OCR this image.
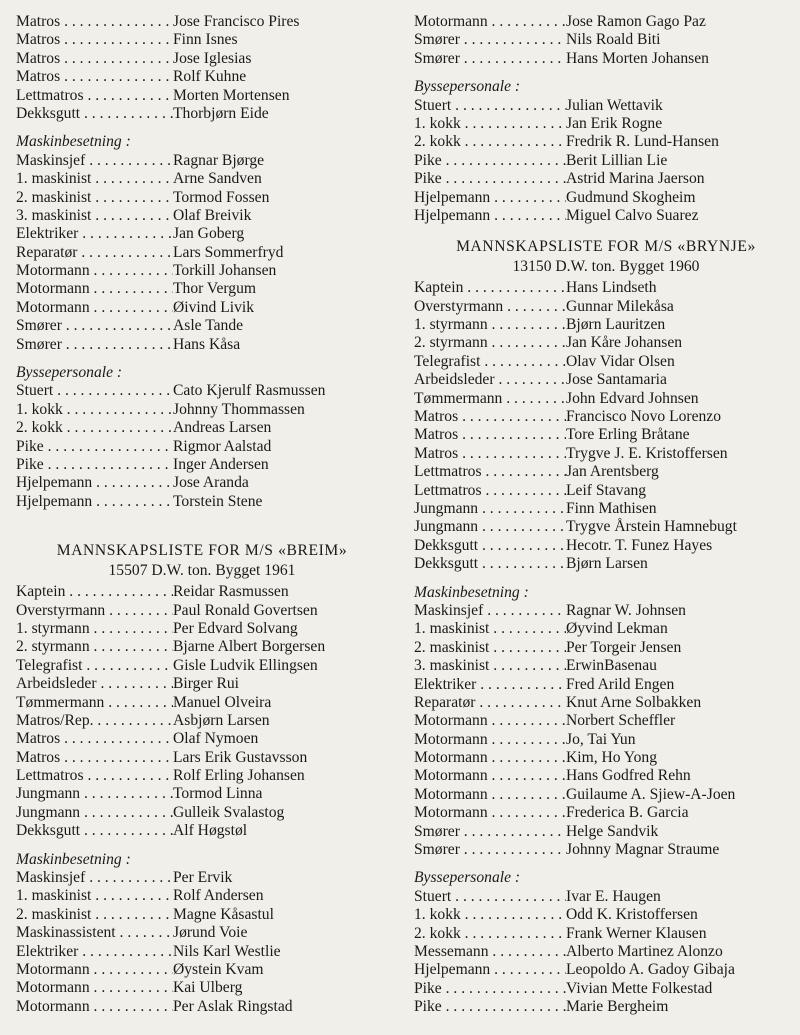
Matros . . .	Jose Francisco Pires
Matros . . .	Finn Isnes
Matros . . .	Jose Iglesias
Matros . . .	Rolf Kuhne
Lettmatros . . .	Morten Mortensen
Dekksgutt . . .	Thorbjørn Eide
Maskinbesetning :
Maskinsjef . . .	Ragnar Bjørge
1. maskinist . . .	Arne Sandven
2. maskinist . . .	Tormod Fossen
3. maskinist . . .	Olaf Breivik
Elektriker . . .	Jan Goberg
Reparatør . . .	Lars Sommerfryd
Motormann . . .	Torkill Johansen
Motormann . . .	Thor Vergum
Motormann . . .	Øivind Livik
Smører . . .	Asle Tande
Smører . . .	Hans Kåsa
Byssepersonale :
Stuert . . .	Cato Kjerulf Rasmussen
1. kokk . . .	Johnny Thommassen
2. kokk . . .	Andreas Larsen
Pike . . .	Rigmor Aalstad
Pike . . .	Inger Andersen
Hjelpemann . . .	Jose Aranda
Hjelpemann . . .	Torstein Stene
MANNSKAPSLISTE FOR M/S «BREIM»
15507 D.W. ton. Bygget 1961
Kaptein . . .	Reidar Rasmussen
Overstyrmann . . .	Paul Ronald Govertsen
1. styrmann . . .	Per Edvard Solvang
2. styrmann . . .	Bjarne Albert Borgersen
Telegrafist . . .	Gisle Ludvik Ellingsen
Arbeidsleder . . .	Birger Rui
Tømmermann . . .	Manuel Olveira
Matros/Rep. . . .	Asbjørn Larsen
Matros . . .	Olaf Nymoen
Matros . . .	Lars Erik Gustavsson
Lettmatros . . .	Rolf Erling Johansen
Jungmann . . .	Tormod Linna
Jungmann . . .	Gulleik Svalastog
Dekksgutt . . .	Alf Høgstøl
Maskinbesetning :
Maskinsjef . . .	Per Ervik
1. maskinist . . .	Rolf Andersen
2. maskinist . . .	Magne Kåsastul
Maskinassistent . . .	Jørund Voie
Elektriker . . .	Nils Karl Westlie
Motormann . . .	Øystein Kvam
Motormann . . .	Kai Ulberg
Motormann . . .	Per Aslak Ringstad
Motormann . . .	Jose Ramon Gago Paz
Smører . . .	Nils Roald Biti
Smører . . .	Hans Morten Johansen
Byssepersonale :
Stuert . . .	Julian Wettavik
1. kokk . . .	Jan Erik Rogne
2. kokk . . .	Fredrik R. Lund-Hansen
Pike . . .	Berit Lillian Lie
Pike . . .	Astrid Marina Jaerson
Hjelpemann . . .	Gudmund Skogheim
Hjelpemann . . .	Miguel Calvo Suarez
MANNSKAPSLISTE FOR M/S «BRYNJE»
13150 D.W. ton. Bygget 1960
Kaptein . . .	Hans Lindseth
Overstyrmann . . .	Gunnar Milekåsa
1. styrmann . . .	Bjørn Lauritzen
2. styrmann . . .	Jan Kåre Johansen
Telegrafist . . .	Olav Vidar Olsen
Arbeidsleder . . .	Jose Santamaria
Tømmermann . . .	John Edvard Johnsen
Matros . . .	Francisco Novo Lorenzo
Matros . . .	Tore Erling Bråtane
Matros . . .	Trygve J. E. Kristoffersen
Lettmatros . . .	Jan Arentsberg
Lettmatros . . .	Leif Stavang
Jungmann . . .	Finn Mathisen
Jungmann . . .	Trygve Årstein Hamnebugt
Dekksgutt . . .	Hecotr. T. Funez Hayes
Dekksgutt . . .	Bjørn Larsen
Maskinbesetning :
Maskinsjef . . .	Ragnar W. Johnsen
1. maskinist . . .	Øyvind Lekman
2. maskinist . . .	Per Torgeir Jensen
3. maskinist . . .	ErwinBasenau
Elektriker . . .	Fred Arild Engen
Reparatør . . .	Knut Arne Solbakken
Motormann . . .	Norbert Scheffler
Motormann . . .	Jo, Tai Yun
Motormann . . .	Kim, Ho Yong
Motormann . . .	Hans Godfred Rehn
Motormann . . .	Guilaume A. Sjiew-A-Joen
Motormann . . .	Frederica B. Garcia
Smører . . .	Helge Sandvik
Smører . . .	Johnny Magnar Straume
Byssepersonale :
Stuert . . .	Ivar E. Haugen
1. kokk . . .	Odd K. Kristoffersen
2. kokk . . .	Frank Werner Klausen
Messemann . . .	Alberto Martinez Alonzo
Hjelpemann . . .	Leopoldo A. Gadoy Gibaja
Pike . . .	Vivian Mette Folkestad
Pike . . .	Marie Bergheim
